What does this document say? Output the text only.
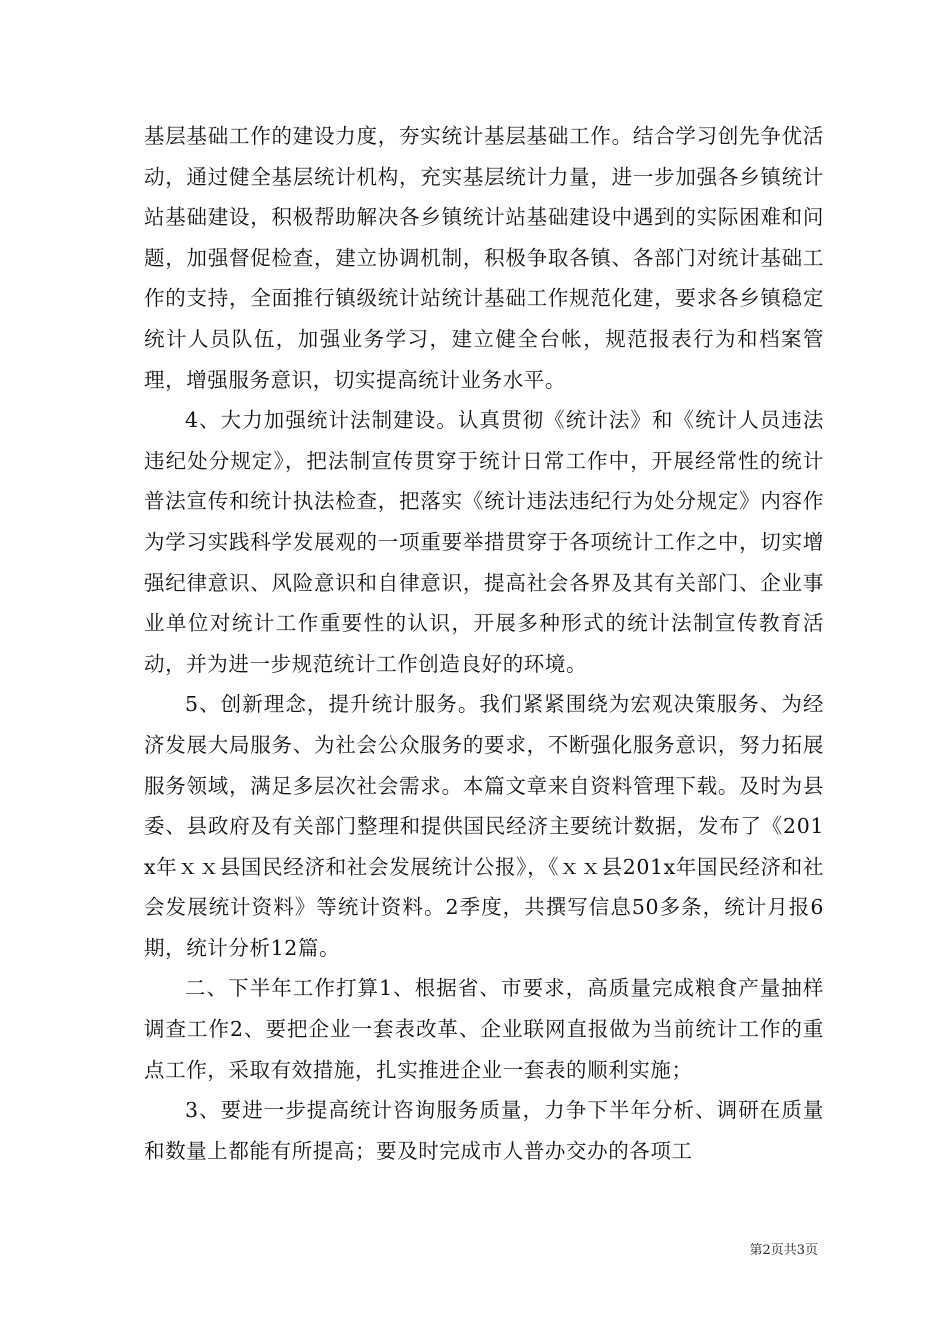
基层基础工作的建设力度，夯实统计基层基础工作。结合学习创先争优活动，通过健全基层统计机构，充实基层统计力量，进一步加强各乡镇统计站基础建设，积极帮助解决各乡镇统计站基础建设中遇到的实际困难和问题，加强督促检查，建立协调机制，积极争取各镇、各部门对统计基础工作的支持，全面推行镇级统计站统计基础工作规范化建，要求各乡镇稳定统计人员队伍，加强业务学习，建立健全台帐，规范报表行为和档案管理，增强服务意识，切实提高统计业务水平。

4、大力加强统计法制建设。认真贯彻《统计法》和《统计人员违法违纪处分规定》，把法制宣传贯穿于统计日常工作中，开展经常性的统计普法宣传和统计执法检查，把落实《统计违法违纪行为处分规定》内容作为学习实践科学发展观的一项重要举措贯穿于各项统计工作之中，切实增强纪律意识、风险意识和自律意识，提高社会各界及其有关部门、企业事业单位对统计工作重要性的认识，开展多种形式的统计法制宣传教育活动，并为进一步规范统计工作创造良好的环境。

5、创新理念，提升统计服务。我们紧紧围绕为宏观决策服务、为经济发展大局服务、为社会公众服务的要求，不断强化服务意识，努力拓展服务领域，满足多层次社会需求。本篇文章来自资料管理下载。及时为县委、县政府及有关部门整理和提供国民经济主要统计数据，发布了《201x年ｘｘ县国民经济和社会发展统计公报》，《ｘｘ县201x年国民经济和社会发展统计资料》等统计资料。2季度，共撰写信息50多条，统计月报6期，统计分析12篇。

二、下半年工作打算1、根据省、市要求，高质量完成粮食产量抽样调查工作2、要把企业一套表改革、企业联网直报做为当前统计工作的重点工作，采取有效措施，扎实推进企业一套表的顺利实施；

3、要进一步提高统计咨询服务质量，力争下半年分析、调研在质量和数量上都能有所提高；要及时完成市人普办交办的各项工

第2页共3页
